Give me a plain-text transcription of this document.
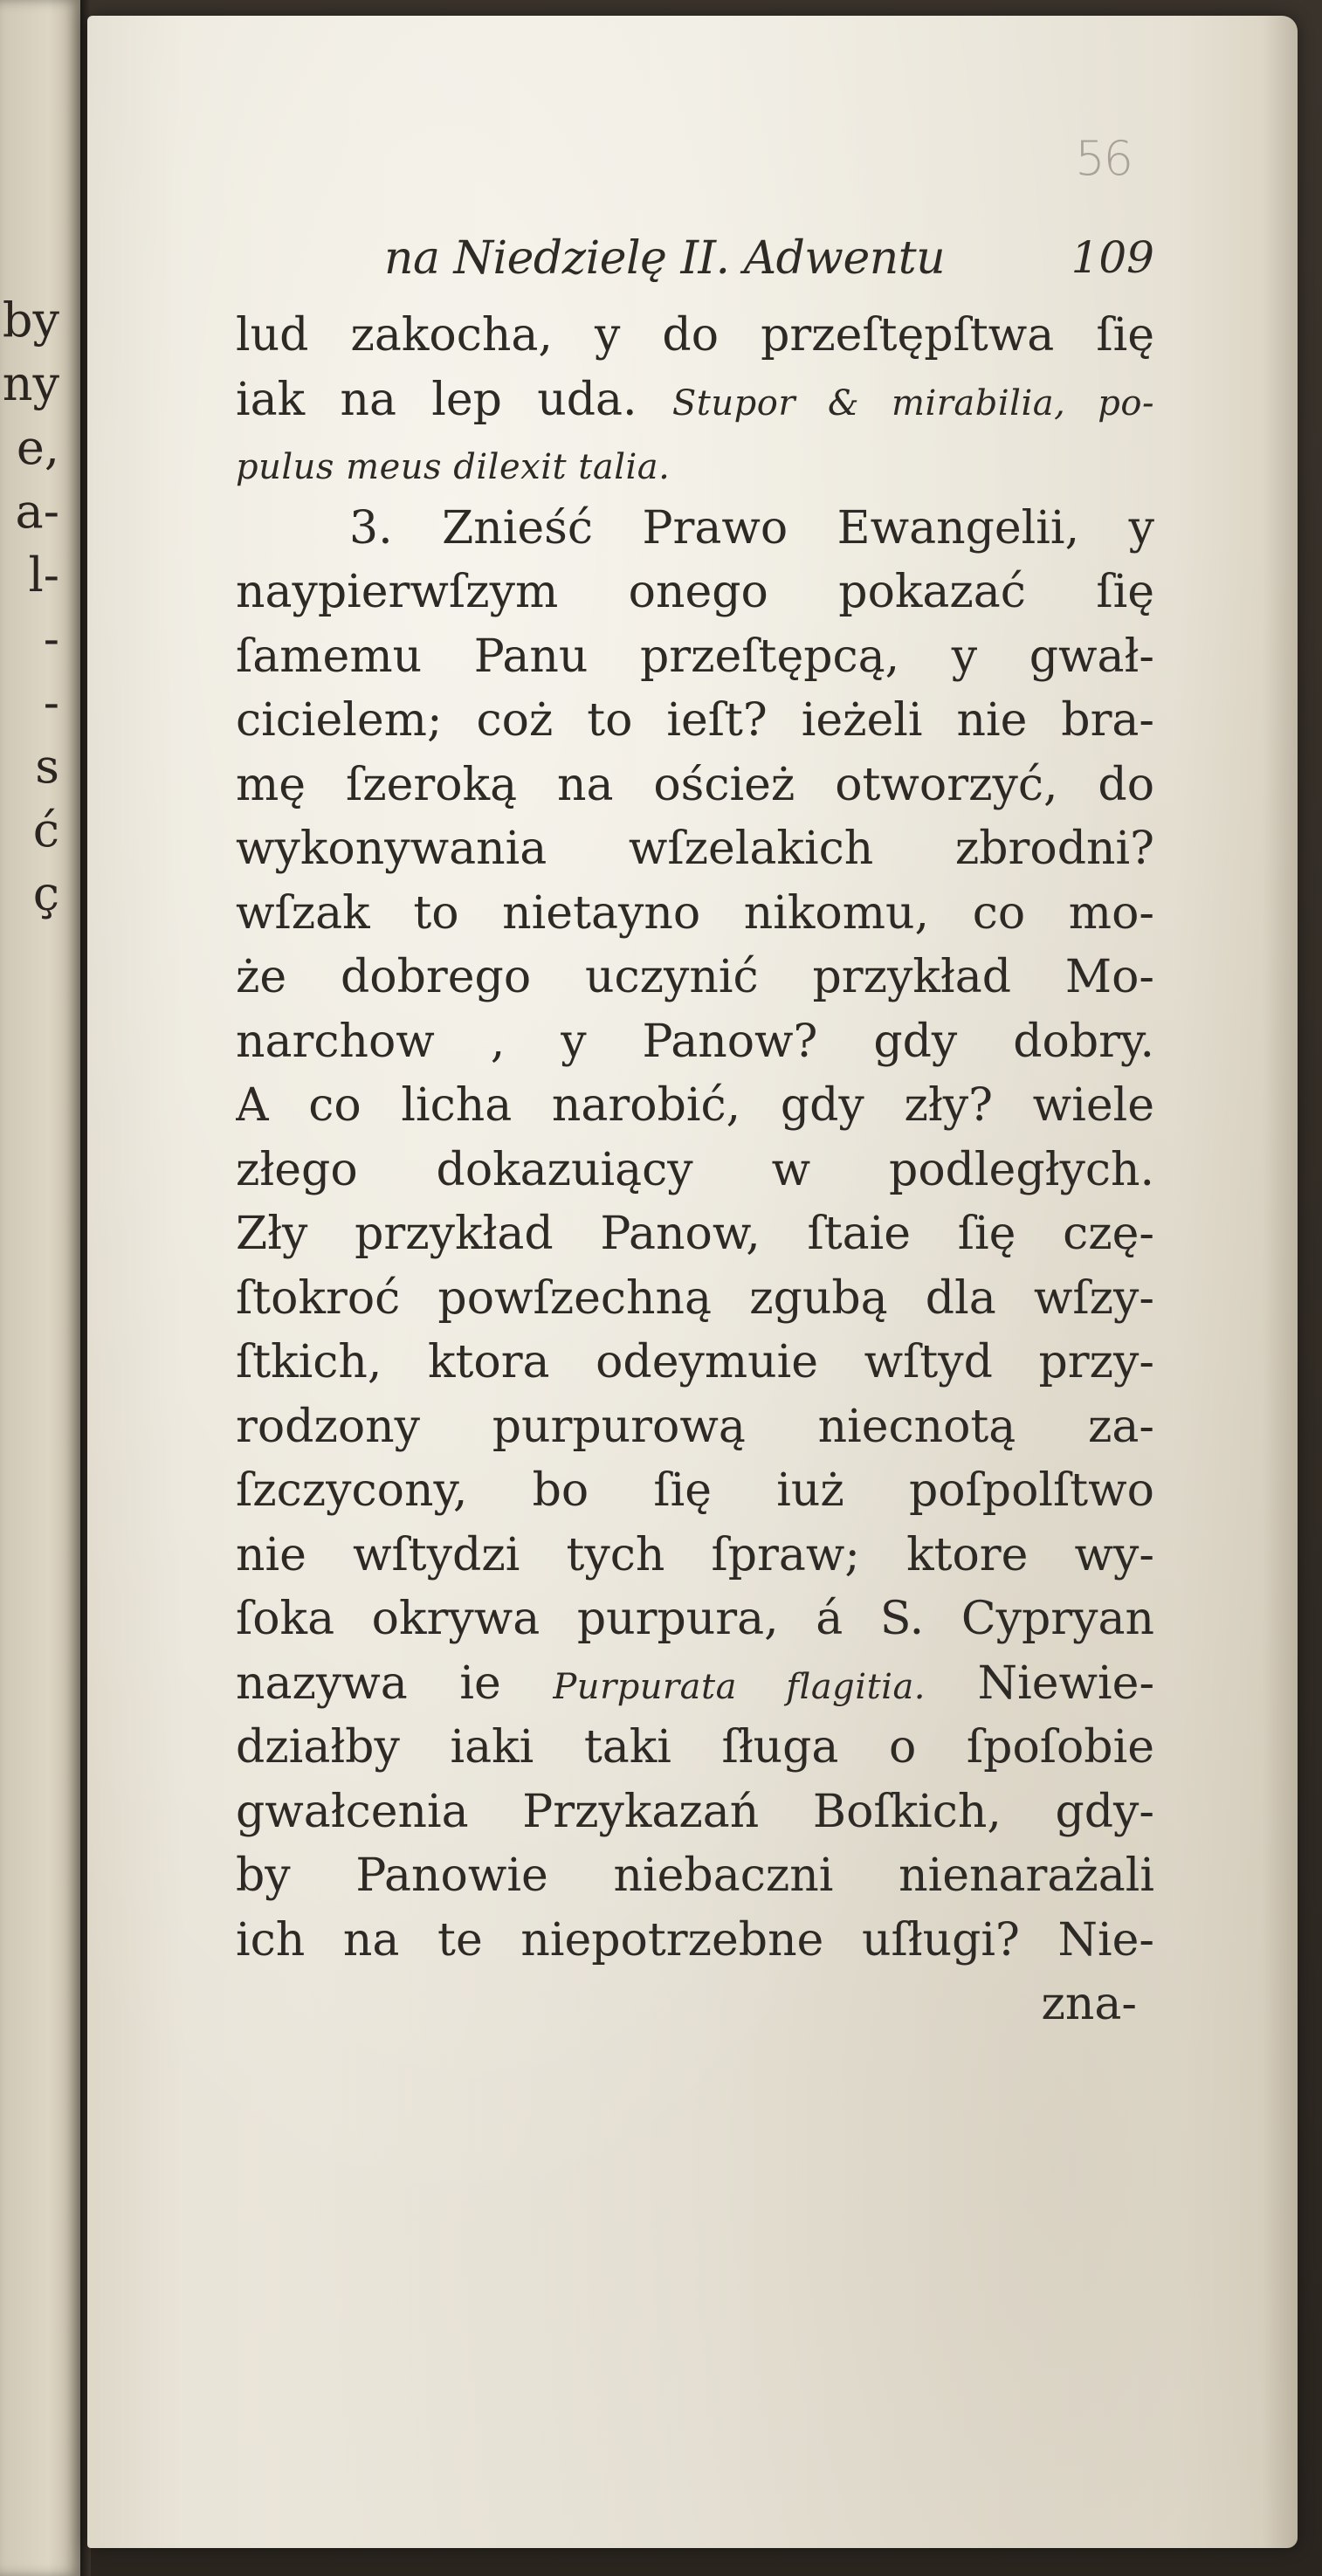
by
ny
e,
a-
l-
-
-
s
ć
ç
56
na Niedzielę II. Adwentu	109
lud zakocha, y do przeſtępſtwa ſię
iak na lep uda. Stupor & mirabilia, po-
pulus meus dilexit talia.
3. Znieść Prawo Ewangelii, y
naypierwſzym onego pokazać ſię
ſamemu Panu przeſtępcą, y gwał-
cicielem; coż to ieſt? ieżeli nie bra-
mę ſzeroką na oścież otworzyć, do
wykonywania wſzelakich zbrodni?
wſzak to nietayno nikomu, co mo-
że dobrego uczynić przykład Mo-
narchow , y Panow? gdy dobry.
A co licha narobić, gdy zły? wiele
złego dokazuiący w podległych.
Zły przykład Panow, ſtaie ſię czę-
ſtokroć powſzechną zgubą dla wſzy-
ſtkich, ktora odeymuie wſtyd przy-
rodzony purpurową niecnotą za-
ſzczycony, bo ſię iuż poſpolſtwo
nie wſtydzi tych ſpraw; ktore wy-
ſoka okrywa purpura, á S. Cypryan
nazywa ie Purpurata flagitia. Niewie-
działby iaki taki ſługa o ſpoſobie
gwałcenia Przykazań Boſkich, gdy-
by Panowie niebaczni nienarażali
ich na te niepotrzebne uſługi? Nie-
zna-
